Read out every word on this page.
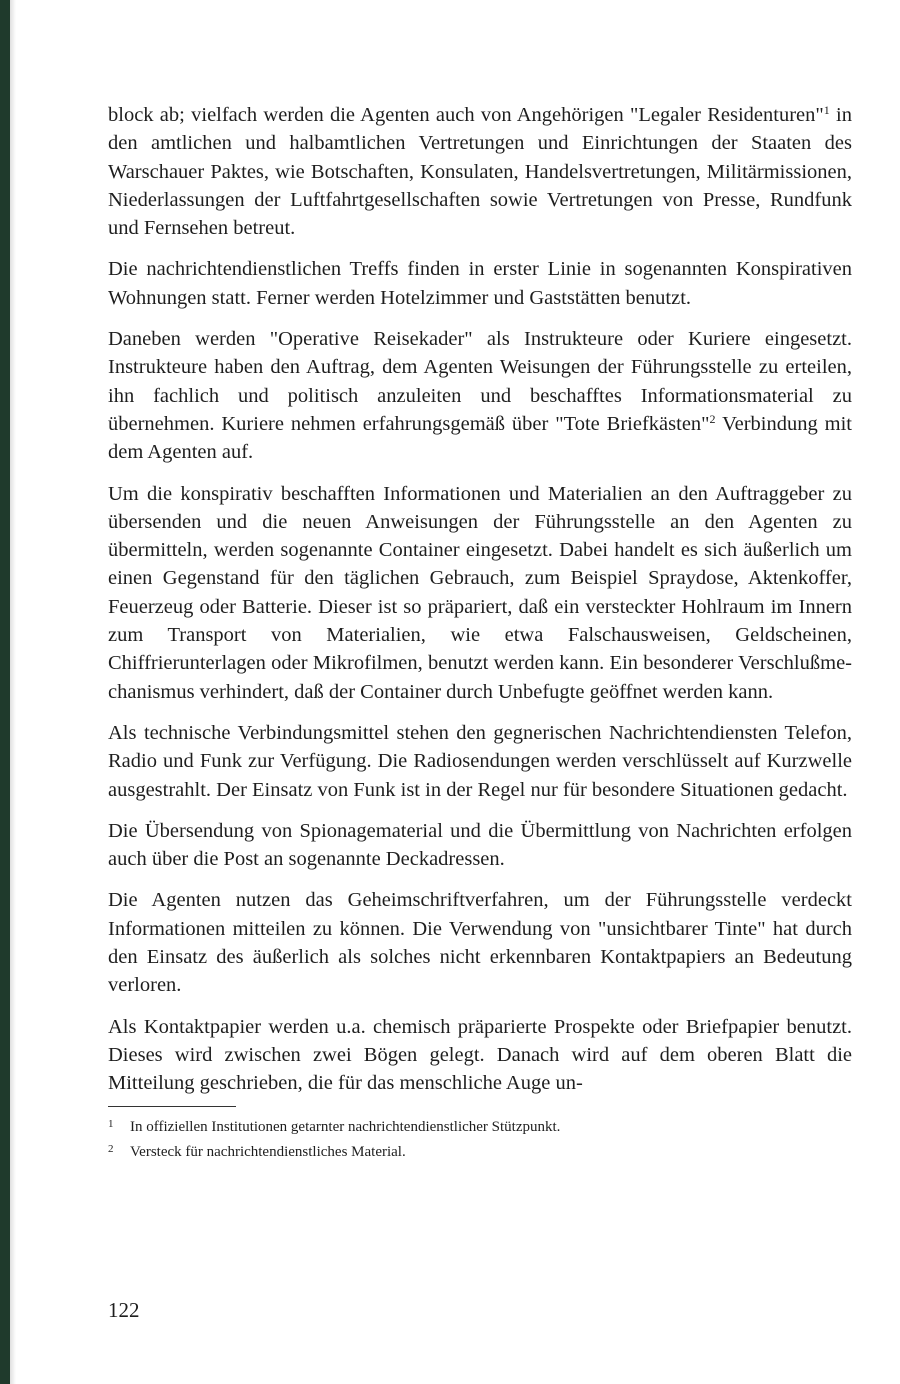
block ab; vielfach werden die Agenten auch von Angehörigen "Legaler Residenturen"$^1$ in den amtlichen und halbamtlichen Vertretungen und Einrichtungen der Staaten des Warschauer Paktes, wie Botschaften, Konsulaten, Handelsvertretungen, Militärmissionen, Niederlassungen der Luftfahrtgesellschaften sowie Vertretungen von Presse, Rundfunk und Fernsehen betreut.

Die nachrichtendienstlichen Treffs finden in erster Linie in sogenannten Konspirativen Wohnungen statt. Ferner werden Hotelzimmer und Gaststätten benutzt.

Daneben werden "Operative Reisekader" als Instrukteure oder Kuriere eingesetzt. Instrukteure haben den Auftrag, dem Agenten Weisungen der Führungsstelle zu erteilen, ihn fachlich und politisch anzuleiten und beschafftes Informationsmaterial zu übernehmen. Kuriere nehmen erfahrungsgemäß über "Tote Briefkästen"$^2$ Verbindung mit dem Agenten auf.

Um die konspirativ beschafften Informationen und Materialien an den Auftraggeber zu übersenden und die neuen Anweisungen der Führungsstelle an den Agenten zu übermitteln, werden sogenannte Container eingesetzt. Dabei handelt es sich äußerlich um einen Gegenstand für den täglichen Gebrauch, zum Beispiel Spraydose, Aktenkoffer, Feuerzeug oder Batterie. Dieser ist so präpariert, daß ein versteckter Hohlraum im Innern zum Transport von Materialien, wie etwa Falschausweisen, Geldscheinen, Chiffrierunterlagen oder Mikrofilmen, benutzt werden kann. Ein besonderer Verschlußmechanismus verhindert, daß der Container durch Unbefugte geöffnet werden kann.

Als technische Verbindungsmittel stehen den gegnerischen Nachrichtendiensten Telefon, Radio und Funk zur Verfügung. Die Radiosendungen werden verschlüsselt auf Kurzwelle ausgestrahlt. Der Einsatz von Funk ist in der Regel nur für besondere Situationen gedacht.

Die Übersendung von Spionagematerial und die Übermittlung von Nachrichten erfolgen auch über die Post an sogenannte Deckadressen.

Die Agenten nutzen das Geheimschriftverfahren, um der Führungsstelle verdeckt Informationen mitteilen zu können. Die Verwendung von "unsichtbarer Tinte" hat durch den Einsatz des äußerlich als solches nicht erkennbaren Kontaktpapiers an Bedeutung verloren.

Als Kontaktpapier werden u.a. chemisch präparierte Prospekte oder Briefpapier benutzt. Dieses wird zwischen zwei Bögen gelegt. Danach wird auf dem oberen Blatt die Mitteilung geschrieben, die für das menschliche Auge un-

1 In offiziellen Institutionen getarnter nachrichtendienstlicher Stützpunkt.

2 Versteck für nachrichtendienstliches Material.

122
